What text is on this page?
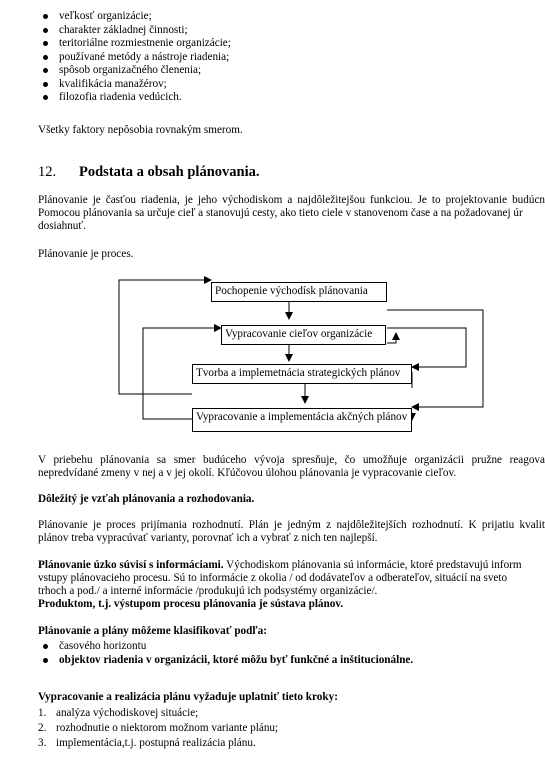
veľkosť organizácie;
charakter základnej činnosti;
teritoriálne rozmiestnenie organizácie;
používané metódy a nástroje riadenia;
spôsob organizačného členenia;
kvalifikácia manažérov;
filozofia riadenia vedúcich.
Všetky faktory nepôsobia rovnakým smerom.
12. Podstata a obsah plánovania.
Plánovanie je časťou riadenia, je jeho východiskom a najdôležitejšou funkciou. Je to projektovanie budúcn
Pomocou plánovania sa určuje cieľ a stanovujú cesty, ako tieto ciele v stanovenom čase a na požadovanej úr
dosiahnuť.
Plánovanie je proces.
Pochopenie východísk plánovania
Vypracovanie cieľov organizácie
Tvorba a implemetnácia strategických plánov
Vypracovanie a implementácia akčných plánov
V priebehu plánovania sa smer budúceho vývoja spresňuje, čo umožňuje organizácii pružne reagova
nepredvídané zmeny v nej a v jej okolí. Kľúčovou úlohou plánovania je vypracovanie cieľov.
Dôležitý je vzťah plánovania a rozhodovania.
Plánovanie je proces prijímania rozhodnutí. Plán je jedným z najdôležitejších rozhodnutí. K prijatiu kvalit
plánov treba vypracúvať varianty, porovnať ich a vybrať z nich ten najlepší.
Plánovanie úzko súvisí s informáciami. Východiskom plánovania sú informácie, ktoré predstavujú inform
vstupy plánovacieho procesu. Sú to informácie z okolia / od dodávateľov a odberateľov, situácií na sveto
trhoch a pod./ a interné informácie /produkujú ich podsystémy organizácie/.
Produktom, t.j. výstupom procesu plánovania je sústava plánov.
Plánovanie a plány môžeme klasifikovať podľa:
časového horizontu
objektov riadenia v organizácii, ktoré môžu byť funkčné a inštitucionálne.
Vypracovanie a realizácia plánu vyžaduje uplatniť tieto kroky:
1. analýza východiskovej situácie;
2. rozhodnutie o niektorom možnom variante plánu;
3. implementácia,t.j. postupná realizácia plánu.
